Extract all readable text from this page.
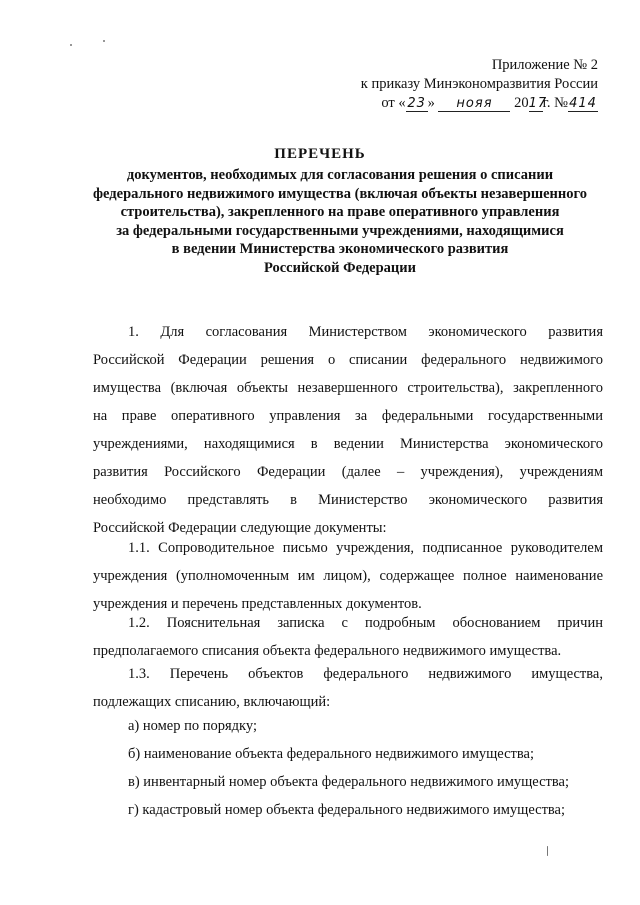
Приложение № 2
к приказу Минэкономразвития России
от « 23 » нояя 2017г. №414
ПЕРЕЧЕНЬ
документов, необходимых для согласования решения о списании
федерального недвижимого имущества (включая объекты незавершенного
строительства), закрепленного на праве оперативного управления
за федеральными государственными учреждениями, находящимися
в ведении Министерства экономического развития
Российской Федерации
1. Для согласования Министерством экономического развития
Российской Федерации решения о списании федерального недвижимого
имущества (включая объекты незавершенного строительства), закрепленного
на праве оперативного управления за федеральными государственными
учреждениями, находящимися в ведении Министерства экономического
развития Российского Федерации (далее – учреждения), учреждениям
необходимо представлять в Министерство экономического развития
Российской Федерации следующие документы:
1.1. Сопроводительное письмо учреждения, подписанное руководителем
учреждения (уполномоченным им лицом), содержащее полное наименование
учреждения и перечень представленных документов.
1.2. Пояснительная записка с подробным обоснованием причин
предполагаемого списания объекта федерального недвижимого имущества.
1.3. Перечень объектов федерального недвижимого имущества,
подлежащих списанию, включающий:
а) номер по порядку;
б) наименование объекта федерального недвижимого имущества;
в) инвентарный номер объекта федерального недвижимого имущества;
г) кадастровый номер объекта федерального недвижимого имущества;
